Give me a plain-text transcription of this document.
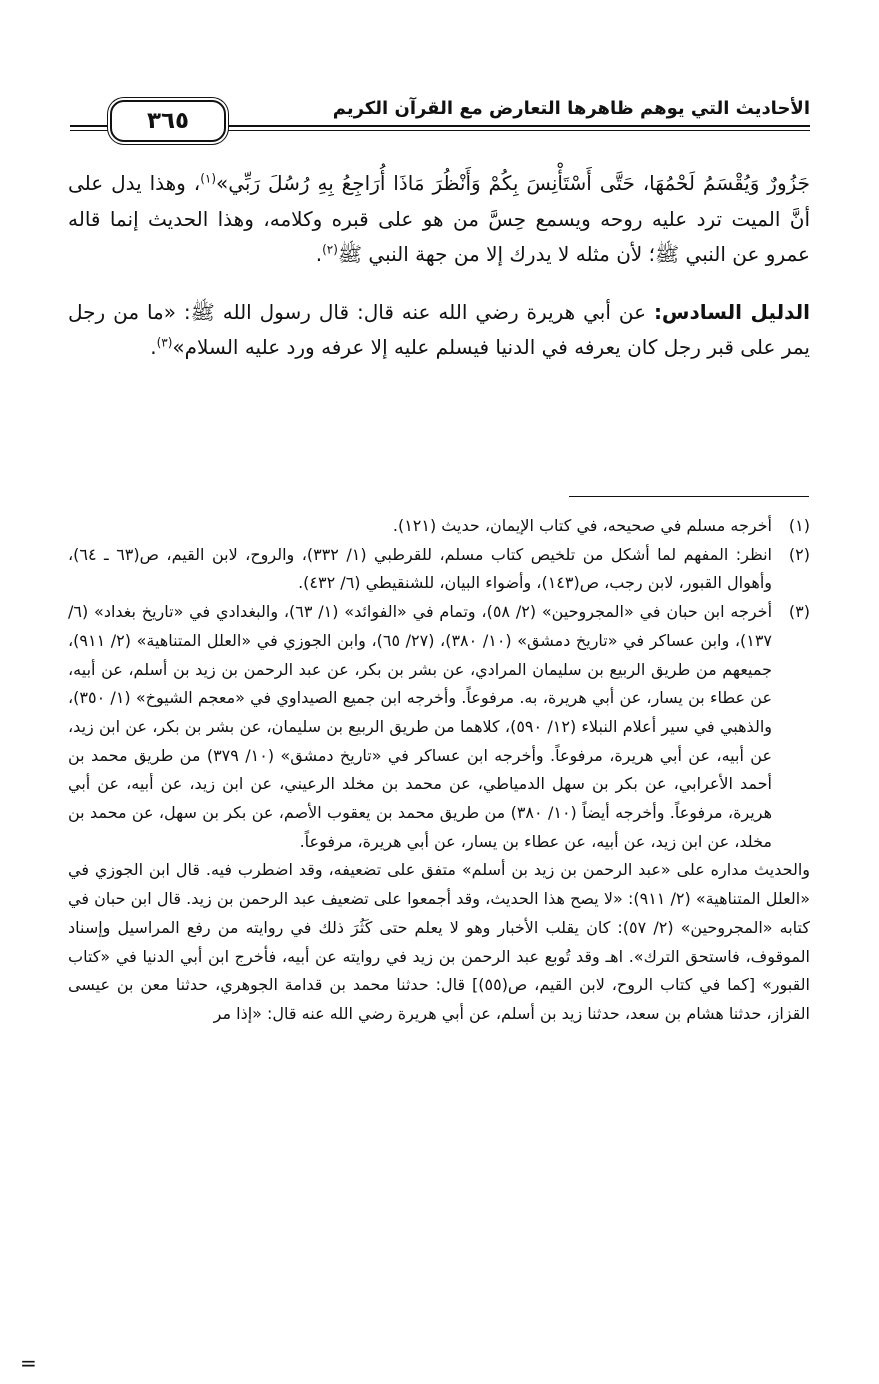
٣٦٥	الأحاديث التي يوهم ظاهرها التعارض مع القرآن الكريم

جَزُورٌ وَيُقْسَمُ لَحْمُهَا، حَتَّى أَسْتَأْنِسَ بِكُمْ وَأَنْظُرَ مَاذَا أُرَاجِعُ بِهِ رُسُلَ رَبِّي»$^{(١)}$، وهذا يدل على أنَّ الميت ترد عليه روحه ويسمع حِسَّ من هو على قبره وكلامه، وهذا الحديث إنما قاله عمرو عن النبي ﷺ؛ لأن مثله لا يدرك إلا من جهة النبي ﷺ$^{(٢)}$.

الدليل السادس: عن أبي هريرة رضي الله عنه قال: قال رسول الله ﷺ: «ما من رجل يمر على قبر رجل كان يعرفه في الدنيا فيسلم عليه إلا عرفه ورد عليه السلام»$^{(٣)}$.

(١)
أخرجه مسلم في صحيحه، في كتاب الإيمان، حديث (١٢١).
(٢)
انظر: المفهم لما أشكل من تلخيص كتاب مسلم، للقرطبي (١/ ٣٣٢)، والروح، لابن القيم، ص(٦٣ ـ ٦٤)، وأهوال القبور، لابن رجب، ص(١٤٣)، وأضواء البيان، للشنقيطي (٦/ ٤٣٢).
(٣)
أخرجه ابن حبان في «المجروحين» (٢/ ٥٨)، وتمام في «الفوائد» (١/ ٦٣)، والبغدادي في «تاريخ بغداد» (٦/ ١٣٧)، وابن عساكر في «تاريخ دمشق» (١٠/ ٣٨٠)، (٢٧/ ٦٥)، وابن الجوزي في «العلل المتناهية» (٢/ ٩١١)، جميعهم من طريق الربيع بن سليمان المرادي، عن بشر بن بكر، عن عبد الرحمن بن زيد بن أسلم، عن أبيه، عن عطاء بن يسار، عن أبي هريرة، به. مرفوعاً. وأخرجه ابن جميع الصيداوي في «معجم الشيوخ» (١/ ٣٥٠)، والذهبي في سير أعلام النبلاء (١٢/ ٥٩٠)، كلاهما من طريق الربيع بن سليمان، عن بشر بن بكر، عن ابن زيد، عن أبيه، عن أبي هريرة، مرفوعاً. وأخرجه ابن عساكر في «تاريخ دمشق» (١٠/ ٣٧٩) من طريق محمد بن أحمد الأعرابي، عن بكر بن سهل الدمياطي، عن محمد بن مخلد الرعيني، عن ابن زيد، عن أبيه، عن أبي هريرة، مرفوعاً. وأخرجه أيضاً (١٠/ ٣٨٠) من طريق محمد بن يعقوب الأصم، عن بكر بن سهل، عن محمد بن مخلد، عن ابن زيد، عن أبيه، عن عطاء بن يسار، عن أبي هريرة، مرفوعاً.

والحديث مداره على «عبد الرحمن بن زيد بن أسلم» متفق على تضعيفه، وقد اضطرب فيه. قال ابن الجوزي في «العلل المتناهية» (٢/ ٩١١): «لا يصح هذا الحديث، وقد أجمعوا على تضعيف عبد الرحمن بن زيد. قال ابن حبان في كتابه «المجروحين» (٢/ ٥٧): كان يقلب الأخبار وهو لا يعلم حتى كَثُرَ ذلك في روايته من رفع المراسيل وإسناد الموقوف، فاستحق الترك». اهـ وقد تُوبع عبد الرحمن بن زيد في روايته عن أبيه، فأخرج ابن أبي الدنيا في «كتاب القبور» [كما في كتاب الروح، لابن القيم، ص(٥٥)] قال: حدثنا محمد بن قدامة الجوهري، حدثنا معن بن عيسى القزاز، حدثنا هشام بن سعد، حدثنا زيد بن أسلم، عن أبي هريرة رضي الله عنه قال: «إذا مر

=
